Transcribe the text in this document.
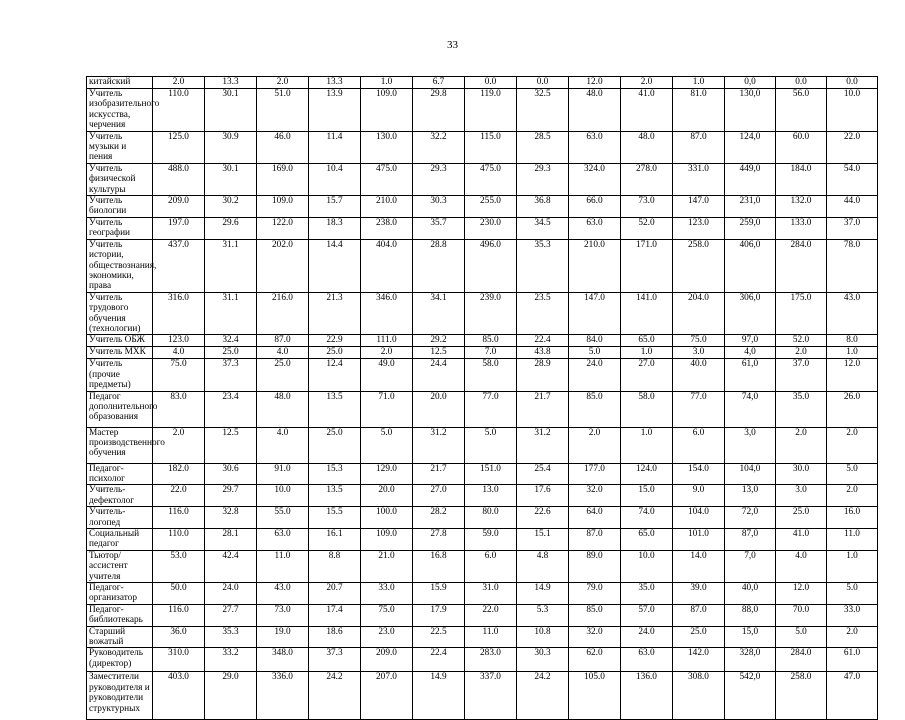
33
китайский	2.0	13.3	2.0	13.3	1.0	6.7	0.0	0.0	12.0	2.0	1.0	0,0	0.0	0.0
Учитель изобразительного искусства, черчения	110.0	30.1	51.0	13.9	109.0	29.8	119.0	32.5	48.0	41.0	81.0	130,0	56.0	10.0
Учитель музыки и пения	125.0	30.9	46.0	11.4	130.0	32.2	115.0	28.5	63.0	48.0	87.0	124,0	60.0	22.0
Учитель физической культуры	488.0	30.1	169.0	10.4	475.0	29.3	475.0	29.3	324.0	278.0	331.0	449,0	184.0	54.0
Учитель биологии	209.0	30.2	109.0	15.7	210.0	30.3	255.0	36.8	66.0	73.0	147.0	231,0	132.0	44.0
Учитель географии	197.0	29.6	122.0	18.3	238.0	35.7	230.0	34.5	63.0	52.0	123.0	259,0	133.0	37.0
Учитель истории, обществознания, экономики, права	437.0	31.1	202.0	14.4	404.0	28.8	496.0	35.3	210.0	171.0	258.0	406,0	284.0	78.0
Учитель трудового обучения (технологии)	316.0	31.1	216.0	21.3	346.0	34.1	239.0	23.5	147.0	141.0	204.0	306,0	175.0	43.0
Учитель ОБЖ	123.0	32.4	87.0	22.9	111.0	29.2	85.0	22.4	84.0	65.0	75.0	97,0	52.0	8.0
Учитель МХК	4.0	25.0	4.0	25.0	2.0	12.5	7.0	43.8	5.0	1.0	3.0	4,0	2.0	1.0
Учитель (прочие предметы)	75.0	37.3	25.0	12.4	49.0	24.4	58.0	28.9	24.0	27.0	40.0	61,0	37.0	12.0
Педагог дополнительного образования	83.0	23.4	48.0	13.5	71.0	20.0	77.0	21.7	85.0	58.0	77.0	74,0	35.0	26.0
Мастер производственного обучения	2.0	12.5	4.0	25.0	5.0	31.2	5.0	31.2	2.0	1.0	6.0	3,0	2.0	2.0
Педагог-психолог	182.0	30.6	91.0	15.3	129.0	21.7	151.0	25.4	177.0	124.0	154.0	104,0	30.0	5.0
Учитель-дефектолог	22.0	29.7	10.0	13.5	20.0	27.0	13.0	17.6	32.0	15.0	9.0	13,0	3.0	2.0
Учитель-логопед	116.0	32.8	55.0	15.5	100.0	28.2	80.0	22.6	64.0	74.0	104.0	72,0	25.0	16.0
Социальный педагог	110.0	28.1	63.0	16.1	109.0	27.8	59.0	15.1	87.0	65.0	101.0	87,0	41.0	11.0
Тьютор/ассистент учителя	53.0	42.4	11.0	8.8	21.0	16.8	6.0	4.8	89.0	10.0	14.0	7,0	4.0	1.0
Педагог-организатор	50.0	24.0	43.0	20.7	33.0	15.9	31.0	14.9	79.0	35.0	39.0	40,0	12.0	5.0
Педагог-библиотекарь	116.0	27.7	73.0	17.4	75.0	17.9	22.0	5.3	85.0	57.0	87.0	88,0	70.0	33.0
Старший вожатый	36.0	35.3	19.0	18.6	23.0	22.5	11.0	10.8	32.0	24.0	25.0	15,0	5.0	2.0
Руководитель (директор)	310.0	33.2	348.0	37.3	209.0	22.4	283.0	30.3	62.0	63.0	142.0	328,0	284.0	61.0
Заместители руководителя и руководители структурных	403.0	29.0	336.0	24.2	207.0	14.9	337.0	24.2	105.0	136.0	308.0	542,0	258.0	47.0
